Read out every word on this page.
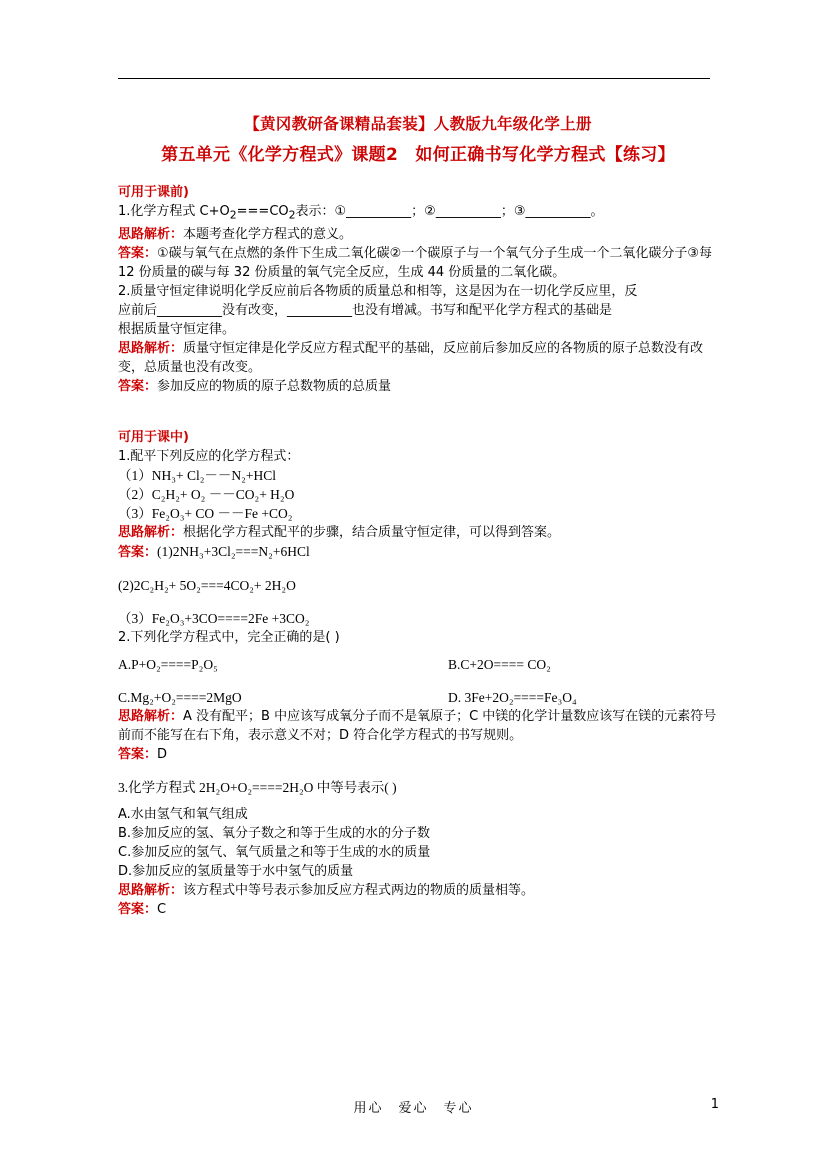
【黄冈教研备课精品套装】人教版九年级化学上册
第五单元《化学方程式》课题2　如何正确书写化学方程式【练习】
可用于课前)
1.化学方程式 $C+O_2===CO_2$表示：①__________；②__________；③__________。
思路解析：本题考查化学方程式的意义。
答案：①碳与氧气在点燃的条件下生成二氧化碳②一个碳原子与一个氧气分子生成一个二氧化碳分子③每 12 份质量的碳与每 32 份质量的氧气完全反应，生成 44 份质量的二氧化碳。
2.质量守恒定律说明化学反应前后各物质的质量总和相等，这是因为在一切化学反应里，反
应前后__________没有改变，__________也没有增减。书写和配平化学方程式的基础是
根据质量守恒定律。
思路解析：质量守恒定律是化学反应方程式配平的基础，反应前后参加反应的各物质的原子总数没有改变，总质量也没有改变。
答案：参加反应的物质的原子总数物质的总质量
可用于课中)
1.配平下列反应的化学方程式：
（1）NH₃+ Cl₂－－N₂+HCl
（2）C₂H₂+ O₂ －－CO₂+ H₂O
（3）Fe₂O₃+ CO －－Fe +CO₂
思路解析：根据化学方程式配平的步骤，结合质量守恒定律，可以得到答案。
答案：(1)2NH₃+3Cl₂===N₂+6HCl
(2)2C₂H₂+ 5O₂===4CO₂+ 2H₂O
（3）Fe₂O₃+3CO====2Fe +3CO₂
2.下列化学方程式中，完全正确的是( )
A.P+O₂====P₂O₅	B.C+2O==== CO₂
C.Mg₂+O₂====2MgO	D. 3Fe+2O₂====Fe₃O₄
思路解析：A 没有配平；B 中应该写成氧分子而不是氧原子；C 中镁的化学计量数应该写在镁的元素符号前而不能写在右下角，表示意义不对；D 符合化学方程式的书写规则。
答案：D
3.化学方程式 2H₂O+O₂====2H₂O 中等号表示( )
A.水由氢气和氧气组成
B.参加反应的氢、氧分子数之和等于生成的水的分子数
C.参加反应的氢气、氧气质量之和等于生成的水的质量
D.参加反应的氢质量等于水中氢气的质量
思路解析：该方程式中等号表示参加反应方程式两边的物质的质量相等。
答案：C
用心　爱心　专心	1
